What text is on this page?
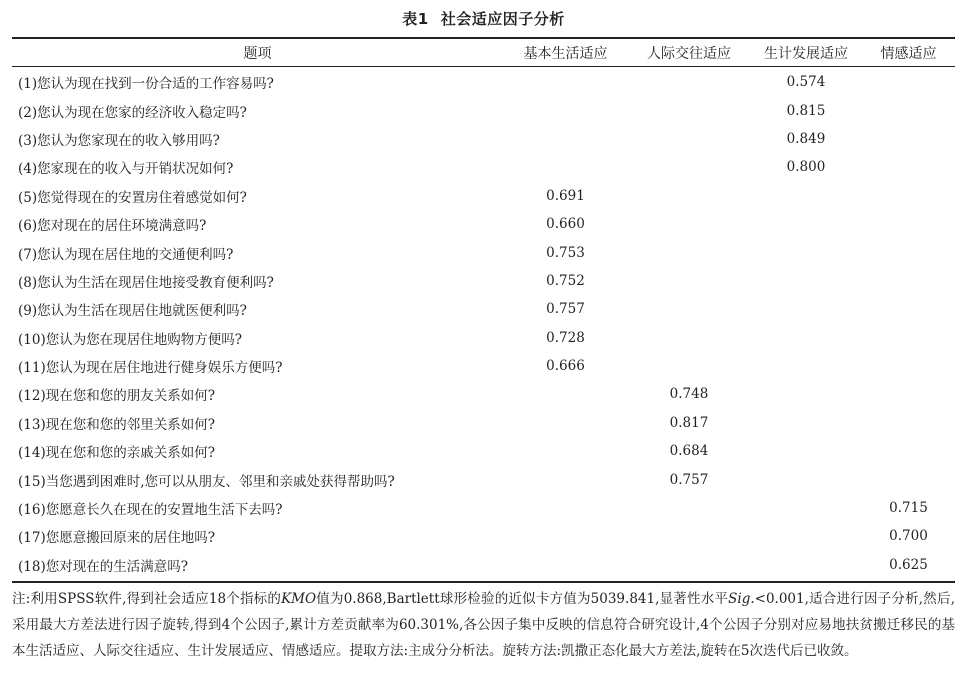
表1 社会适应因子分析
题项	基本生活适应	人际交往适应	生计发展适应	情感适应
(1)您认为现在找到一份合适的工作容易吗?			0.574	
(2)您认为现在您家的经济收入稳定吗?			0.815	
(3)您认为您家现在的收入够用吗?			0.849	
(4)您家现在的收入与开销状况如何?			0.800	
(5)您觉得现在的安置房住着感觉如何?	0.691			
(6)您对现在的居住环境满意吗?	0.660			
(7)您认为现在居住地的交通便利吗?	0.753			
(8)您认为生活在现居住地接受教育便利吗?	0.752			
(9)您认为生活在现居住地就医便利吗?	0.757			
(10)您认为您在现居住地购物方便吗?	0.728			
(11)您认为现在居住地进行健身娱乐方便吗?	0.666			
(12)现在您和您的朋友关系如何?		0.748		
(13)现在您和您的邻里关系如何?		0.817		
(14)现在您和您的亲戚关系如何?		0.684		
(15)当您遇到困难时,您可以从朋友、邻里和亲戚处获得帮助吗?		0.757		
(16)您愿意长久在现在的安置地生活下去吗?				0.715
(17)您愿意搬回原来的居住地吗?				0.700
(18)您对现在的生活满意吗?				0.625
注:利用SPSS软件,得到社会适应18个指标的KMO值为0.868,Bartlett球形检验的近似卡方值为5039.841,显著性水平Sig.<0.001,适合进行因子分析,然后,采用最大方差法进行因子旋转,得到4个公因子,累计方差贡献率为60.301%,各公因子集中反映的信息符合研究设计,4个公因子分别对应易地扶贫搬迁移民的基本生活适应、人际交往适应、生计发展适应、情感适应。提取方法:主成分分析法。旋转方法:凯撒正态化最大方差法,旋转在5次迭代后已收敛。
